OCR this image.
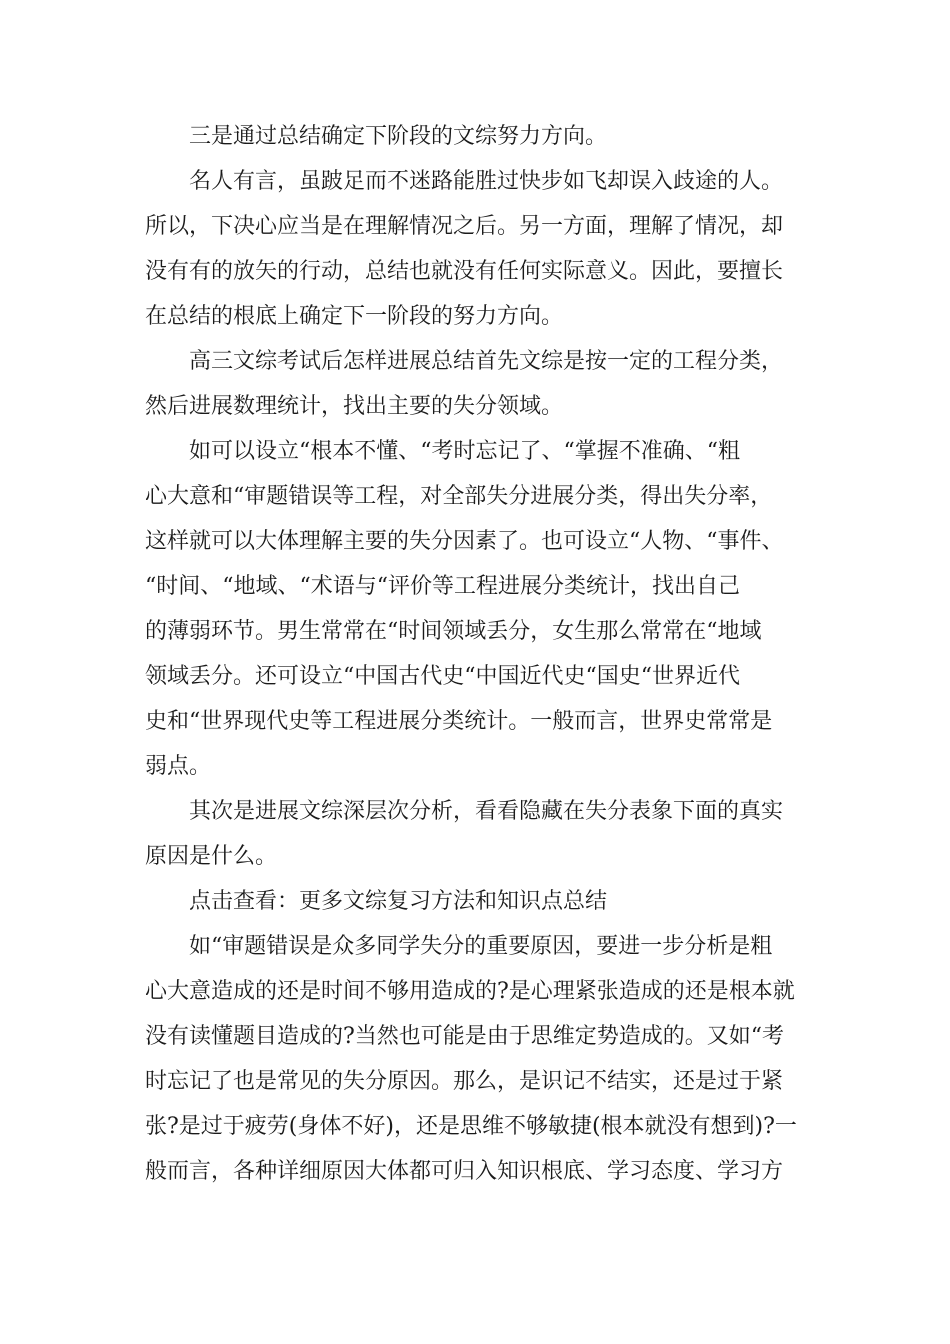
三是通过总结确定下阶段的文综努力方向。
名人有言，虽跛足而不迷路能胜过快步如飞却误入歧途的人。
所以，下决心应当是在理解情况之后。另一方面，理解了情况，却
没有有的放矢的行动，总结也就没有任何实际意义。因此，要擅长
在总结的根底上确定下一阶段的努力方向。
高三文综考试后怎样进展总结首先文综是按一定的工程分类，
然后进展数理统计，找出主要的失分领域。
如可以设立“根本不懂、“考时忘记了、“掌握不准确、“粗
心大意和“审题错误等工程，对全部失分进展分类，得出失分率，
这样就可以大体理解主要的失分因素了。也可设立“人物、“事件、
“时间、“地域、“术语与“评价等工程进展分类统计，找出自己
的薄弱环节。男生常常在“时间领域丢分，女生那么常常在“地域
领域丢分。还可设立“中国古代史“中国近代史“国史“世界近代
史和“世界现代史等工程进展分类统计。一般而言，世界史常常是
弱点。
其次是进展文综深层次分析，看看隐藏在失分表象下面的真实
原因是什么。
点击查看：更多文综复习方法和知识点总结
如“审题错误是众多同学失分的重要原因，要进一步分析是粗
心大意造成的还是时间不够用造成的?是心理紧张造成的还是根本就
没有读懂题目造成的?当然也可能是由于思维定势造成的。又如“考
时忘记了也是常见的失分原因。那么，是识记不结实，还是过于紧
张?是过于疲劳(身体不好)，还是思维不够敏捷(根本就没有想到)?一
般而言，各种详细原因大体都可归入知识根底、学习态度、学习方
